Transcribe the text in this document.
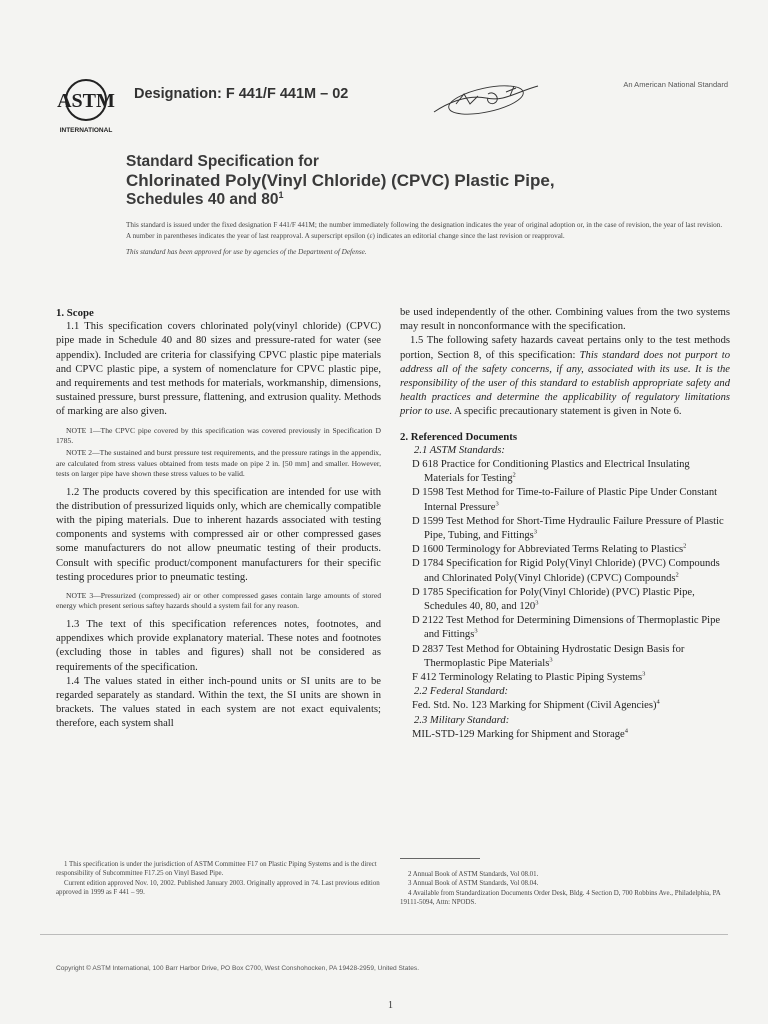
ASTM
INTERNATIONAL
Designation: F 441/F 441M – 02
An American National Standard
Standard Specification for
Chlorinated Poly(Vinyl Chloride) (CPVC) Plastic Pipe,
Schedules 40 and $80^1$

This standard is issued under the fixed designation F 441/F 441M; the number immediately following the designation indicates the year of original adoption or, in the case of revision, the year of last revision. A number in parentheses indicates the year of last reapproval. A superscript epsilon (ε) indicates an editorial change since the last revision or reapproval.

This standard has been approved for use by agencies of the Department of Defense.

1. Scope

1.1 This specification covers chlorinated poly(vinyl chloride) (CPVC) pipe made in Schedule 40 and 80 sizes and pressure-rated for water (see appendix). Included are criteria for classifying CPVC plastic pipe materials and CPVC plastic pipe, a system of nomenclature for CPVC plastic pipe, and requirements and test methods for materials, workmanship, dimensions, sustained pressure, burst pressure, flattening, and extrusion quality. Methods of marking are also given.

NOTE 1—The CPVC pipe covered by this specification was covered previously in Specification D 1785.

NOTE 2—The sustained and burst pressure test requirements, and the pressure ratings in the appendix, are calculated from stress values obtained from tests made on pipe 2 in. [50 mm] and smaller. However, tests on larger pipe have shown these stress values to be valid.

1.2 The products covered by this specification are intended for use with the distribution of pressurized liquids only, which are chemically compatible with the piping materials. Due to inherent hazards associated with testing components and systems with compressed air or other compressed gases some manufacturers do not allow pneumatic testing of their products. Consult with specific product/component manufacturers for their specific testing procedures prior to pneumatic testing.

NOTE 3—Pressurized (compressed) air or other compressed gases contain large amounts of stored energy which present serious saftey hazards should a system fail for any reason.

1.3 The text of this specification references notes, footnotes, and appendixes which provide explanatory material. These notes and footnotes (excluding those in tables and figures) shall not be considered as requirements of the specification.

1.4 The values stated in either inch-pound units or SI units are to be regarded separately as standard. Within the text, the SI units are shown in brackets. The values stated in each system are not exact equivalents; therefore, each system shall

be used independently of the other. Combining values from the two systems may result in nonconformance with the specification.

1.5 The following safety hazards caveat pertains only to the test methods portion, Section 8, of this specification: This standard does not purport to address all of the safety concerns, if any, associated with its use. It is the responsibility of the user of this standard to establish appropriate safety and health practices and determine the applicability of regulatory limitations prior to use. A specific precautionary statement is given in Note 6.

2. Referenced Documents

2.1 ASTM Standards:

D 618 Practice for Conditioning Plastics and Electrical Insulating Materials for Testing$^2$

D 1598 Test Method for Time-to-Failure of Plastic Pipe Under Constant Internal Pressure$^3$

D 1599 Test Method for Short-Time Hydraulic Failure Pressure of Plastic Pipe, Tubing, and Fittings$^3$

D 1600 Terminology for Abbreviated Terms Relating to Plastics$^2$

D 1784 Specification for Rigid Poly(Vinyl Chloride) (PVC) Compounds and Chlorinated Poly(Vinyl Chloride) (CPVC) Compounds$^2$

D 1785 Specification for Poly(Vinyl Chloride) (PVC) Plastic Pipe, Schedules 40, 80, and $120^3$

D 2122 Test Method for Determining Dimensions of Thermoplastic Pipe and Fittings$^3$

D 2837 Test Method for Obtaining Hydrostatic Design Basis for Thermoplastic Pipe Materials$^3$

F 412 Terminology Relating to Plastic Piping Systems$^3$

2.2 Federal Standard:

Fed. Std. No. 123 Marking for Shipment (Civil Agencies)$^4$

2.3 Military Standard:

MIL-STD-129 Marking for Shipment and Storage$^4$

1 This specification is under the jurisdiction of ASTM Committee F17 on Plastic Piping Systems and is the direct responsibility of Subcommittee F17.25 on Vinyl Based Pipe.

Current edition approved Nov. 10, 2002. Published January 2003. Originally approved in 74. Last previous edition approved in 1999 as F 441 – 99.

2 Annual Book of ASTM Standards, Vol 08.01.

3 Annual Book of ASTM Standards, Vol 08.04.

4 Available from Standardization Documents Order Desk, Bldg. 4 Section D, 700 Robbins Ave., Philadelphia, PA 19111-5094, Attn: NPODS.

Copyright © ASTM International, 100 Barr Harbor Drive, PO Box C700, West Conshohocken, PA 19428-2959, United States.
1
